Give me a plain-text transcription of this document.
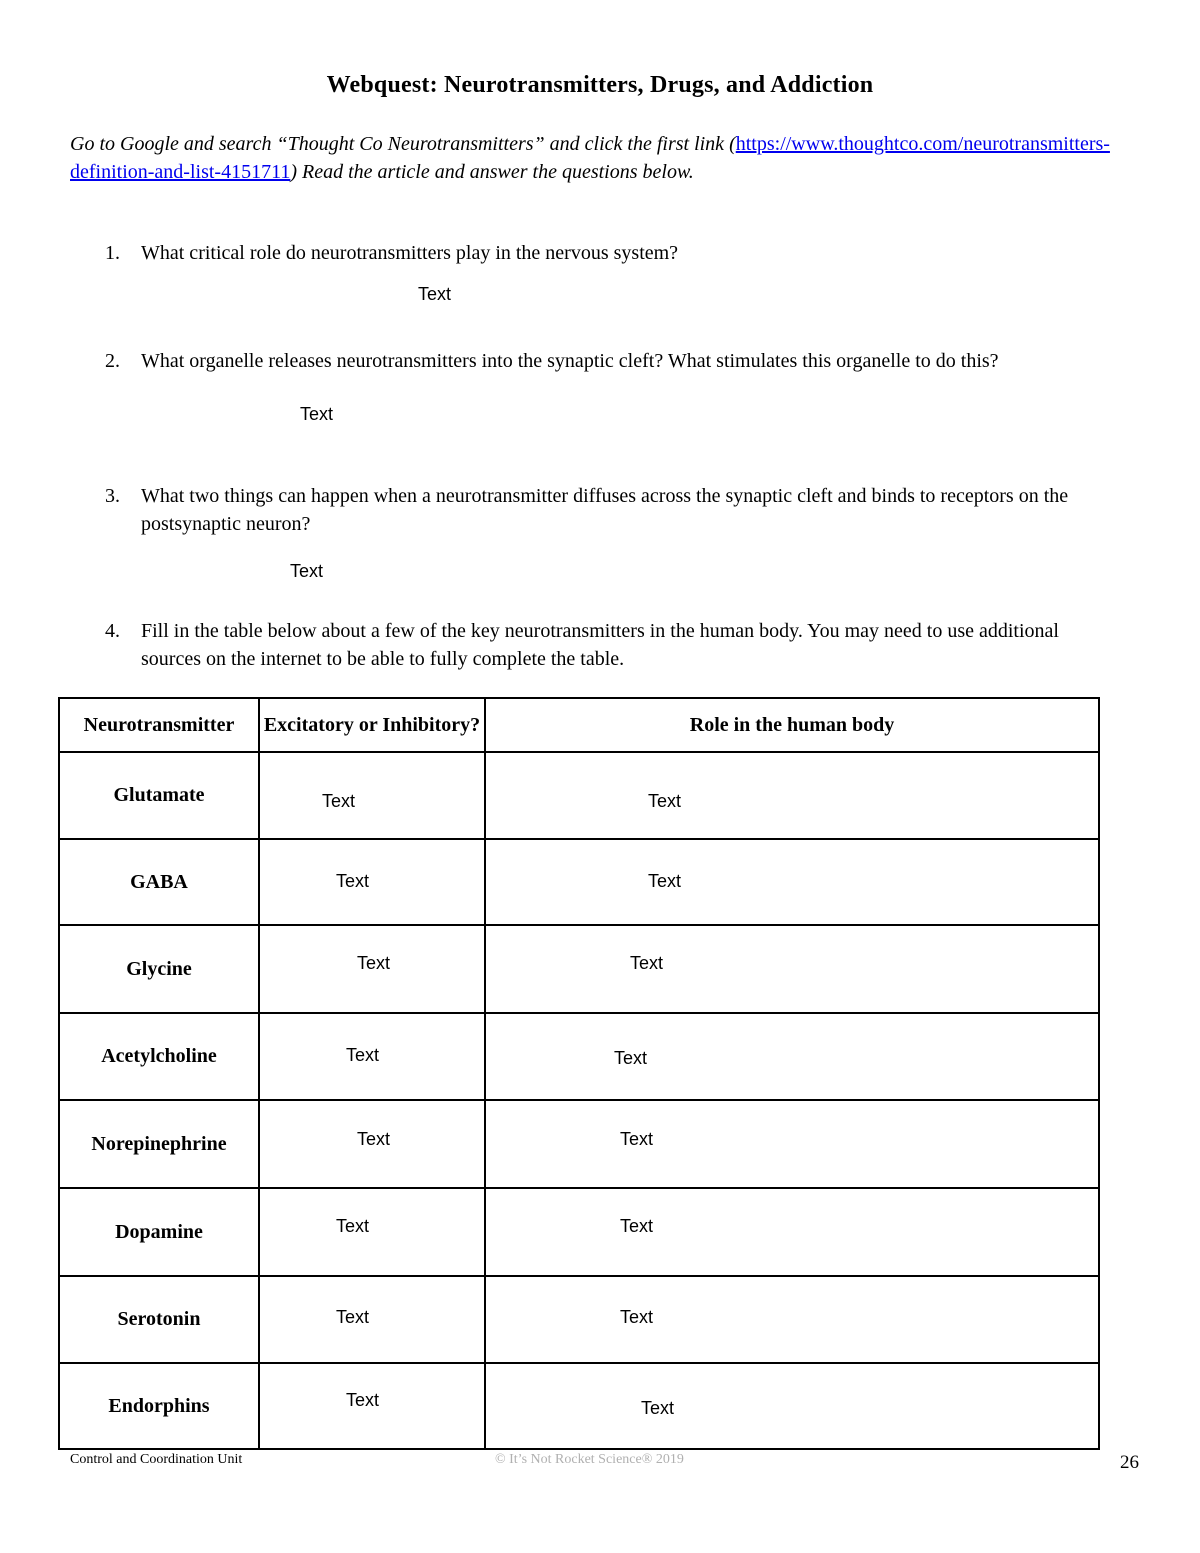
Webquest: Neurotransmitters, Drugs, and Addiction
Go to Google and search “Thought Co Neurotransmitters” and click the first link (https://www.thoughtco.com/neurotransmitters-definition-and-list-4151711) Read the article and answer the questions below.
1.	What critical role do neurotransmitters play in the nervous system?
Text
2.	What organelle releases neurotransmitters into the synaptic cleft? What stimulates this organelle to do this?
Text
3.	What two things can happen when a neurotransmitter diffuses across the synaptic cleft and binds to receptors on the postsynaptic neuron?
Text
4.	Fill in the table below about a few of the key neurotransmitters in the human body. You may need to use additional sources on the internet to be able to fully complete the table.
Neurotransmitter	Excitatory or Inhibitory?	Role in the human body
Glutamate	Text	Text

GABA	Text	Text

Glycine	Text	Text

Acetylcholine	Text	Text

Norepinephrine	Text	Text

Dopamine	Text	Text

Serotonin	Text	Text

Endorphins	Text	Text
Control and Coordination Unit	© It’s Not Rocket Science® 2019	26
